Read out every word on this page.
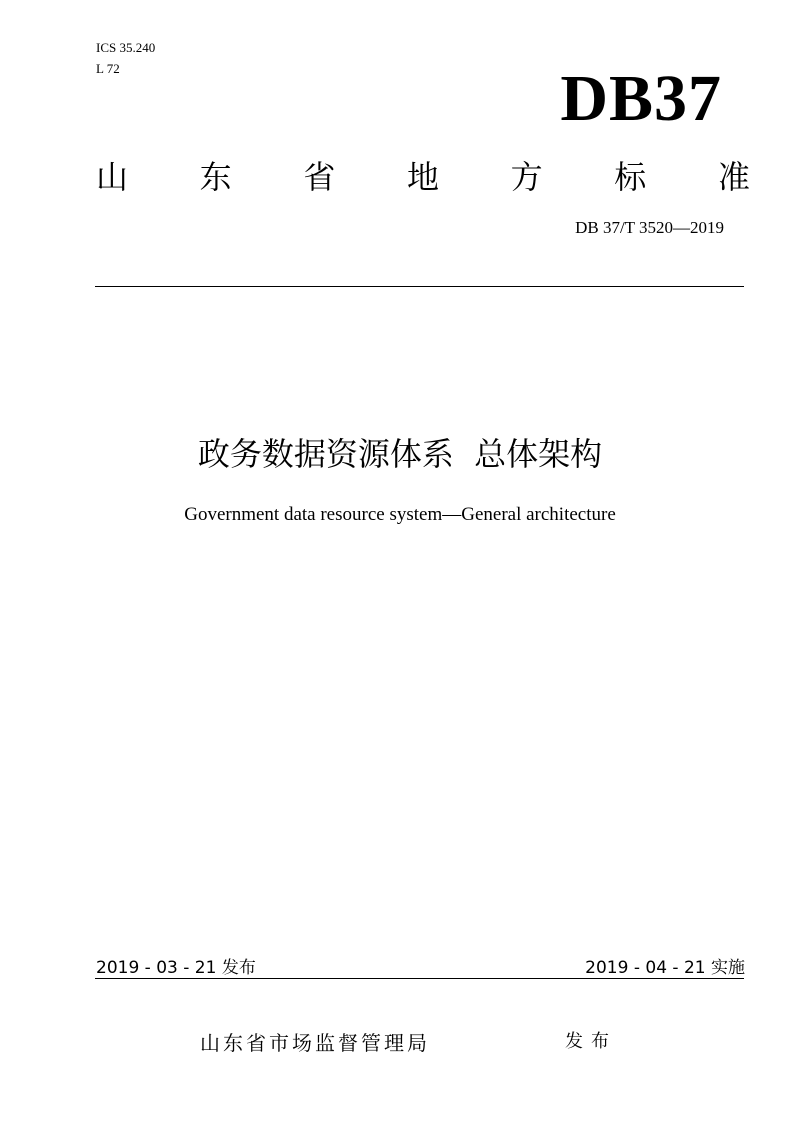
ICS 35.240
L 72	DB37
山 东 省 地 方 标 准
DB 37/T 3520—2019
政务数据资源体系  总体架构
Government data resource system—General architecture
2019 - 03 - 21 发布	2019 - 04 - 21 实施
山东省市场监督管理局	发布
